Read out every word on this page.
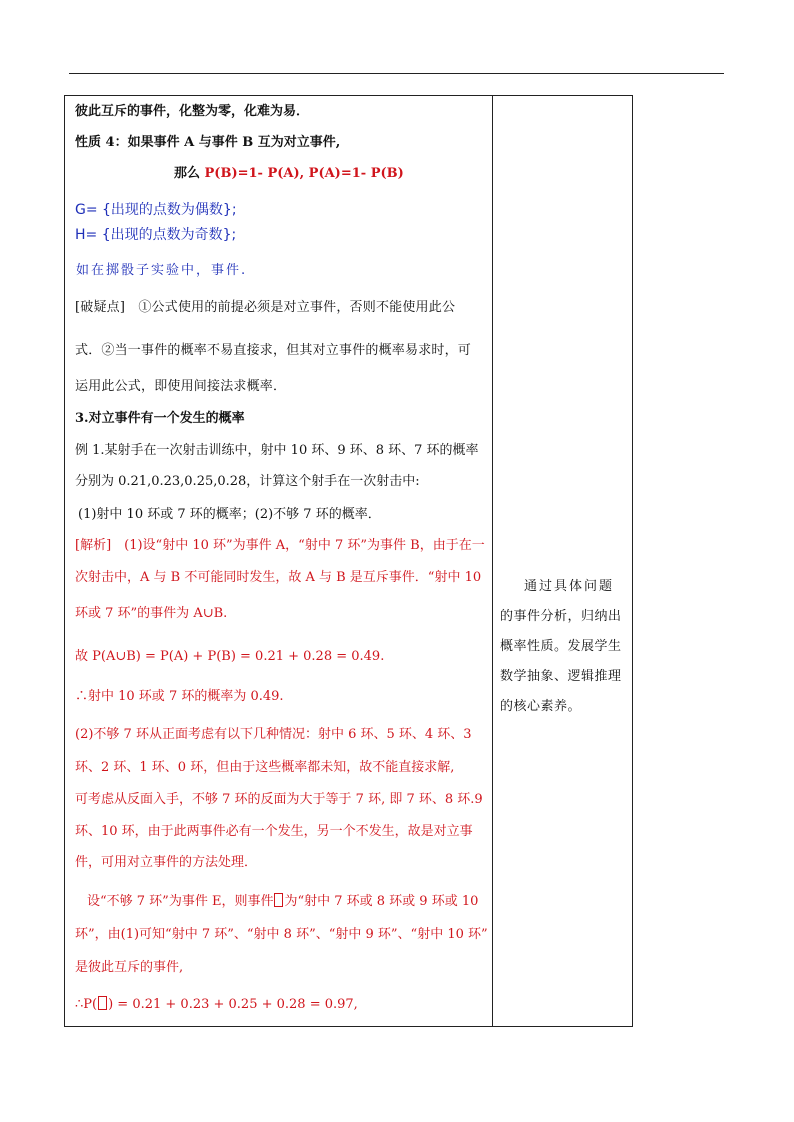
彼此互斥的事件，化整为零，化难为易．
性质 4：如果事件 A 与事件 B 互为对立事件,
那么 P(B)=1- P(A), P(A)=1- P(B)
G= {出现的点数为偶数};
H= {出现的点数为奇数};
如在掷骰子实验中，事件.
[破疑点]　①公式使用的前提必须是对立事件，否则不能使用此公
式．②当一事件的概率不易直接求，但其对立事件的概率易求时，可
运用此公式，即使用间接法求概率．
3.对立事件有一个发生的概率
例 1.某射手在一次射击训练中，射中 10 环、9 环、8 环、7 环的概率
分别为 0.21,0.23,0.25,0.28，计算这个射手在一次射击中:
(1)射中 10 环或 7 环的概率；(2)不够 7 环的概率．
[解析]　(1)设“射中 10 环”为事件 A，“射中 7 环”为事件 B，由于在一
次射击中，A 与 B 不可能同时发生，故 A 与 B 是互斥事件．“射中 10
环或 7 环”的事件为 A∪B.
故 P(A∪B) = P(A) + P(B) = 0.21 + 0.28 = 0.49.
∴射中 10 环或 7 环的概率为 0.49.
(2)不够 7 环从正面考虑有以下几种情况：射中 6 环、5 环、4 环、3
环、2 环、1 环、0 环，但由于这些概率都未知，故不能直接求解,
可考虑从反面入手，不够 7 环的反面为大于等于 7 环, 即 7 环、8 环.9
环、10 环，由于此两事件必有一个发生，另一个不发生，故是对立事
件，可用对立事件的方法处理．
设“不够 7 环”为事件 E，则事件 为“射中 7 环或 8 环或 9 环或 10
环”，由(1)可知“射中 7 环”、“射中 8 环”、“射中 9 环”、“射中 10 环”
是彼此互斥的事件,
∴P( ) = 0.21 + 0.23 + 0.25 + 0.28 = 0.97,
通过具体问题
的事件分析，归纳出
概率性质。发展学生
数学抽象、逻辑推理
的核心素养。
